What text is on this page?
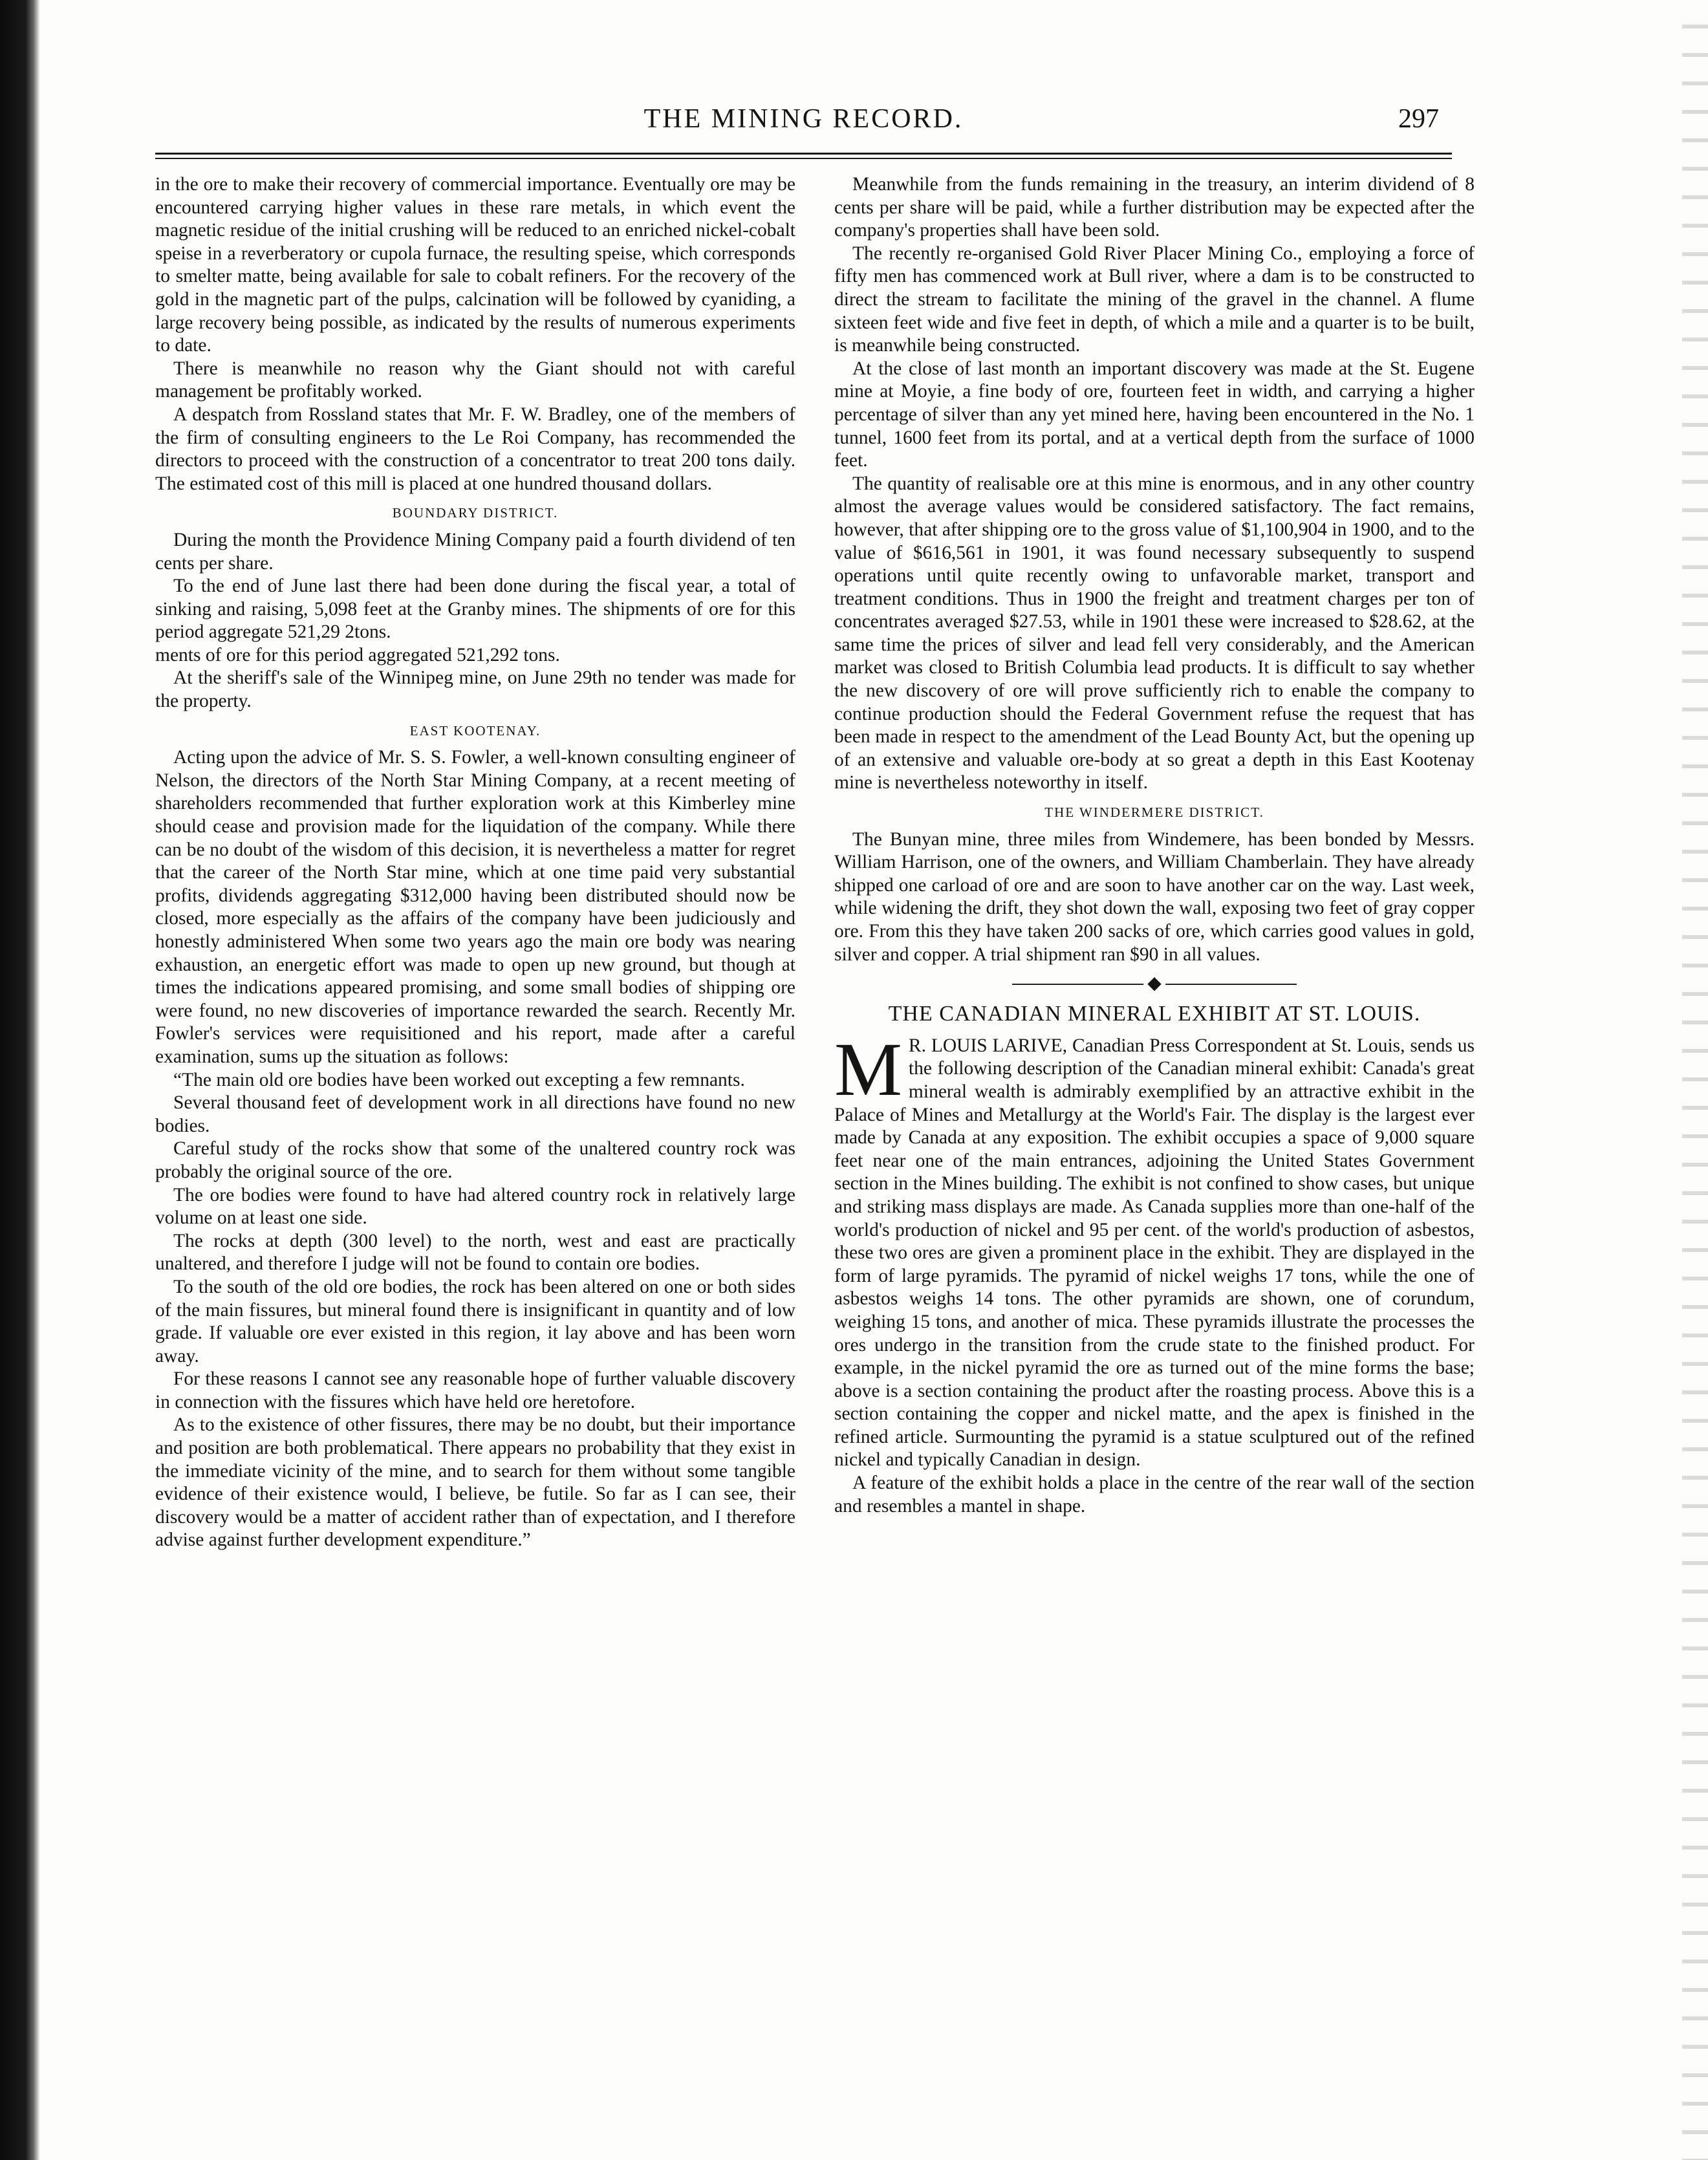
THE MINING RECORD.	297

in the ore to make their recovery of commercial importance. Eventually ore may be encountered carrying higher values in these rare metals, in which event the magnetic residue of the initial crushing will be reduced to an enriched nickel-cobalt speise in a reverberatory or cupola furnace, the resulting speise, which corresponds to smelter matte, being available for sale to cobalt refiners. For the recovery of the gold in the magnetic part of the pulps, calcination will be followed by cyaniding, a large recovery being possible, as indicated by the results of numerous experiments to date.

There is meanwhile no reason why the Giant should not with careful management be profitably worked.

A despatch from Rossland states that Mr. F. W. Bradley, one of the members of the firm of consulting engineers to the Le Roi Company, has recommended the directors to proceed with the construction of a concentrator to treat 200 tons daily. The estimated cost of this mill is placed at one hundred thousand dollars.

BOUNDARY DISTRICT.

During the month the Providence Mining Company paid a fourth dividend of ten cents per share.

To the end of June last there had been done during the fiscal year, a total of sinking and raising, 5,098 feet at the Granby mines. The shipments of ore for this period aggregate 521,29 2tons.

ments of ore for this period aggregated 521,292 tons.

At the sheriff's sale of the Winnipeg mine, on June 29th no tender was made for the property.

EAST KOOTENAY.

Acting upon the advice of Mr. S. S. Fowler, a well-known consulting engineer of Nelson, the directors of the North Star Mining Company, at a recent meeting of shareholders recommended that further exploration work at this Kimberley mine should cease and provision made for the liquidation of the company. While there can be no doubt of the wisdom of this decision, it is nevertheless a matter for regret that the career of the North Star mine, which at one time paid very substantial profits, dividends aggregating $312,000 having been distributed should now be closed, more especially as the affairs of the company have been judiciously and honestly administered When some two years ago the main ore body was nearing exhaustion, an energetic effort was made to open up new ground, but though at times the indications appeared promising, and some small bodies of shipping ore were found, no new discoveries of importance rewarded the search. Recently Mr. Fowler's services were requisitioned and his report, made after a careful examination, sums up the situation as follows:

“The main old ore bodies have been worked out excepting a few remnants.

Several thousand feet of development work in all directions have found no new bodies.

Careful study of the rocks show that some of the unaltered country rock was probably the original source of the ore.

The ore bodies were found to have had altered country rock in relatively large volume on at least one side.

The rocks at depth (300 level) to the north, west and east are practically unaltered, and therefore I judge will not be found to contain ore bodies.

To the south of the old ore bodies, the rock has been altered on one or both sides of the main fissures, but mineral found there is insignificant in quantity and of low grade. If valuable ore ever existed in this region, it lay above and has been worn away.

For these reasons I cannot see any reasonable hope of further valuable discovery in connection with the fissures which have held ore heretofore.

As to the existence of other fissures, there may be no doubt, but their importance and position are both problematical. There appears no probability that they exist in the immediate vicinity of the mine, and to search for them without some tangible evidence of their existence would, I believe, be futile. So far as I can see, their discovery would be a matter of accident rather than of expectation, and I therefore advise against further development expenditure.”

Meanwhile from the funds remaining in the treasury, an interim dividend of 8 cents per share will be paid, while a further distribution may be expected after the company's properties shall have been sold.

The recently re-organised Gold River Placer Mining Co., employing a force of fifty men has commenced work at Bull river, where a dam is to be constructed to direct the stream to facilitate the mining of the gravel in the channel. A flume sixteen feet wide and five feet in depth, of which a mile and a quarter is to be built, is meanwhile being constructed.

At the close of last month an important discovery was made at the St. Eugene mine at Moyie, a fine body of ore, fourteen feet in width, and carrying a higher percentage of silver than any yet mined here, having been encountered in the No. 1 tunnel, 1600 feet from its portal, and at a vertical depth from the surface of 1000 feet.

The quantity of realisable ore at this mine is enormous, and in any other country almost the average values would be considered satisfactory. The fact remains, however, that after shipping ore to the gross value of $1,100,904 in 1900, and to the value of $616,561 in 1901, it was found necessary subsequently to suspend operations until quite recently owing to unfavorable market, transport and treatment conditions. Thus in 1900 the freight and treatment charges per ton of concentrates averaged $27.53, while in 1901 these were increased to $28.62, at the same time the prices of silver and lead fell very considerably, and the American market was closed to British Columbia lead products. It is difficult to say whether the new discovery of ore will prove sufficiently rich to enable the company to continue production should the Federal Government refuse the request that has been made in respect to the amendment of the Lead Bounty Act, but the opening up of an extensive and valuable ore-body at so great a depth in this East Kootenay mine is nevertheless noteworthy in itself.

THE WINDERMERE DISTRICT.

The Bunyan mine, three miles from Windemere, has been bonded by Messrs. William Harrison, one of the owners, and William Chamberlain. They have already shipped one carload of ore and are soon to have another car on the way. Last week, while widening the drift, they shot down the wall, exposing two feet of gray copper ore. From this they have taken 200 sacks of ore, which carries good values in gold, silver and copper. A trial shipment ran $90 in all values.

◆
THE CANADIAN MINERAL EXHIBIT AT ST. LOUIS.

M R. LOUIS LARIVE, Canadian Press Correspondent at St. Louis, sends us the following description of the Canadian mineral exhibit: Canada's great mineral wealth is admirably exemplified by an attractive exhibit in the Palace of Mines and Metallurgy at the World's Fair. The display is the largest ever made by Canada at any exposition. The exhibit occupies a space of 9,000 square feet near one of the main entrances, adjoining the United States Government section in the Mines building. The exhibit is not confined to show cases, but unique and striking mass displays are made. As Canada supplies more than one-half of the world's production of nickel and 95 per cent. of the world's production of asbestos, these two ores are given a prominent place in the exhibit. They are displayed in the form of large pyramids. The pyramid of nickel weighs 17 tons, while the one of asbestos weighs 14 tons. The other pyramids are shown, one of corundum, weighing 15 tons, and another of mica. These pyramids illustrate the processes the ores undergo in the transition from the crude state to the finished product. For example, in the nickel pyramid the ore as turned out of the mine forms the base; above is a section containing the product after the roasting process. Above this is a section containing the copper and nickel matte, and the apex is finished in the refined article. Surmounting the pyramid is a statue sculptured out of the refined nickel and typically Canadian in design.

A feature of the exhibit holds a place in the centre of the rear wall of the section and resembles a mantel in shape.
